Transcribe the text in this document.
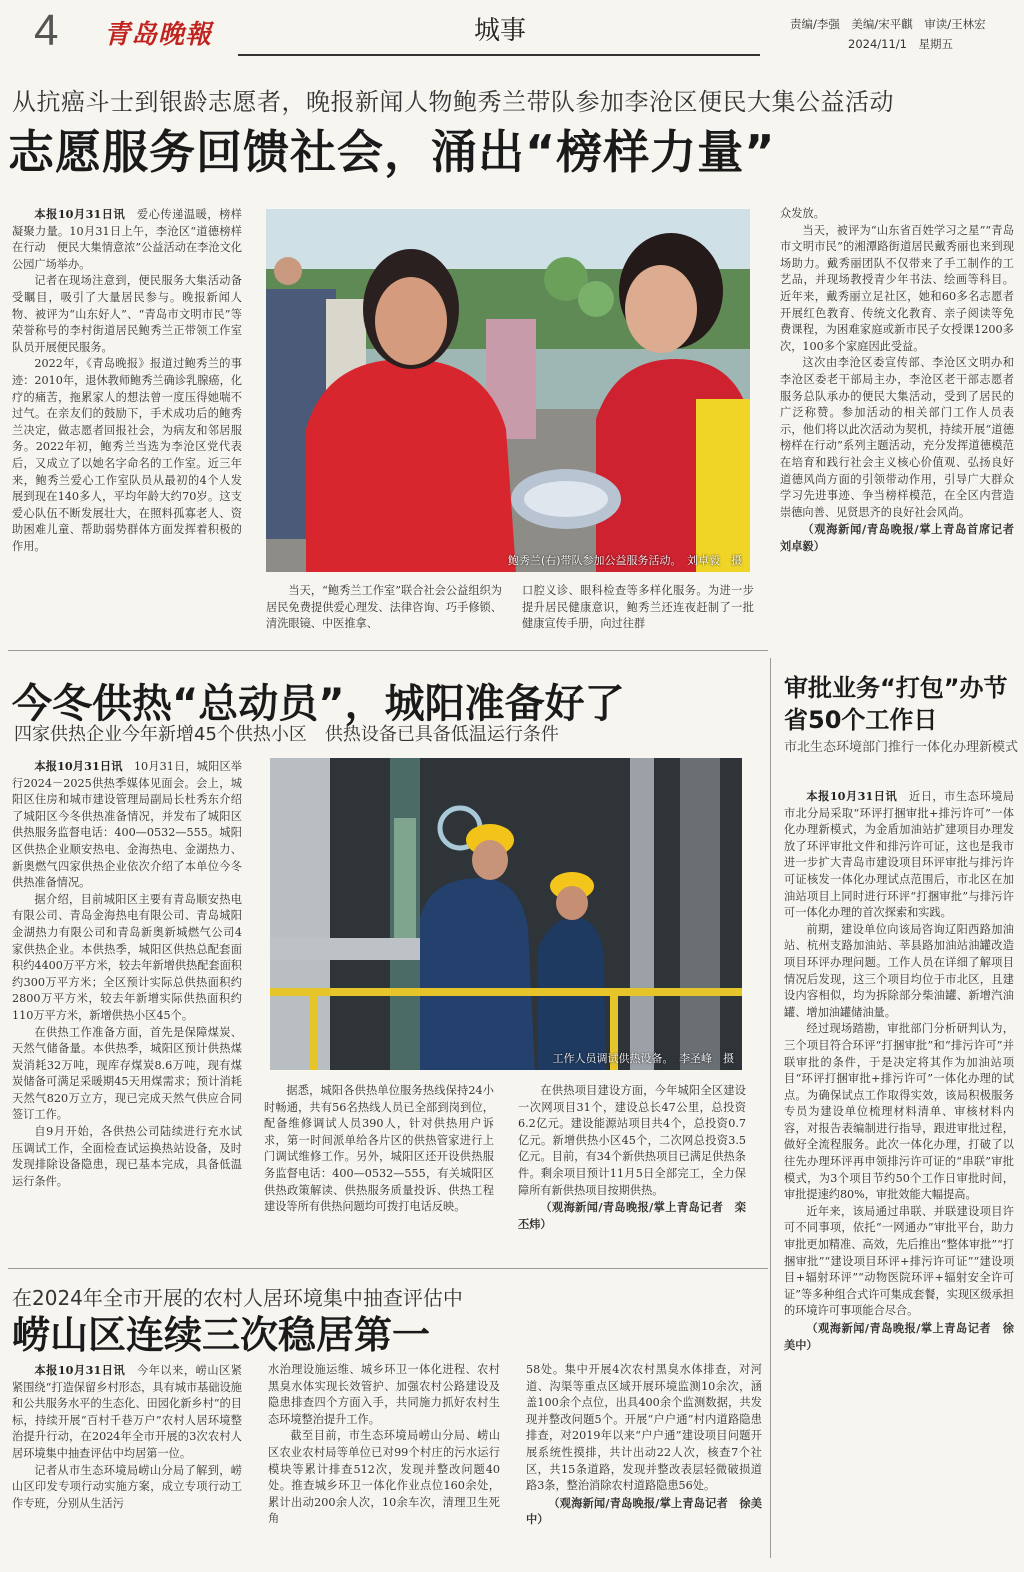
4 青岛晚報	城事	责编/李强　美编/宋平麒　审读/王林宏
2024/11/1　星期五
从抗癌斗士到银龄志愿者，晚报新闻人物鲍秀兰带队参加李沧区便民大集公益活动
志愿服务回馈社会，涌出“榜样力量”

本报10月31日讯　爱心传递温暖，榜样凝聚力量。10月31日上午，李沧区“道德榜样在行动　便民大集情意浓”公益活动在李沧文化公园广场举办。

记者在现场注意到，便民服务大集活动备受瞩目，吸引了大量居民参与。晚报新闻人物、被评为“山东好人”、“青岛市文明市民”等荣誉称号的李村街道居民鲍秀兰正带领工作室队员开展便民服务。

2022年，《青岛晚报》报道过鲍秀兰的事迹：2010年，退休教师鲍秀兰确诊乳腺癌，化疗的痛苦，拖累家人的想法曾一度压得她喘不过气。在亲友们的鼓励下，手术成功后的鲍秀兰决定，做志愿者回报社会，为病友和邻居服务。2022年初，鲍秀兰当选为李沧区党代表后，又成立了以她名字命名的工作室。近三年来，鲍秀兰爱心工作室队员从最初的4个人发展到现在140多人，平均年龄大约70岁。这支爱心队伍不断发展壮大，在照料孤寡老人、资助困难儿童、帮助弱势群体方面发挥着积极的作用。

鲍秀兰(右)带队参加公益服务活动。　刘卓毅　摄

当天，“鲍秀兰工作室”联合社会公益组织为居民免费提供爱心理发、法律咨询、巧手修锁、清洗眼镜、中医推拿、

口腔义诊、眼科检查等多样化服务。为进一步提升居民健康意识，鲍秀兰还连夜赶制了一批健康宣传手册，向过往群

众发放。

当天，被评为“山东省百姓学习之星”“青岛市文明市民”的湘潭路街道居民戴秀丽也来到现场助力。戴秀丽团队不仅带来了手工制作的工艺品，并现场教授青少年书法、绘画等科目。近年来，戴秀丽立足社区，她和60多名志愿者开展红色教育、传统文化教育、亲子阅读等免费课程，为困难家庭或新市民子女授课1200多次，100多个家庭因此受益。

这次由李沧区委宣传部、李沧区文明办和李沧区委老干部局主办，李沧区老干部志愿者服务总队承办的便民大集活动，受到了居民的广泛称赞。参加活动的相关部门工作人员表示，他们将以此次活动为契机，持续开展“道德榜样在行动”系列主题活动，充分发挥道德模范在培育和践行社会主义核心价值观、弘扬良好道德风尚方面的引领带动作用，引导广大群众学习先进事迹、争当榜样模范，在全区内营造崇德向善、见贤思齐的良好社会风尚。

（观海新闻/青岛晚报/掌上青岛首席记者　刘卓毅）

今冬供热“总动员”，城阳准备好了
四家供热企业今年新增45个供热小区　供热设备已具备低温运行条件

本报10月31日讯　10月31日，城阳区举行2024－2025供热季媒体见面会。会上，城阳区住房和城市建设管理局副局长杜秀东介绍了城阳区今冬供热准备情况，并发布了城阳区供热服务监督电话：400—0532—555。城阳区供热企业顺安热电、金海热电、金湖热力、新奥燃气四家供热企业依次介绍了本单位今冬供热准备情况。

据介绍，目前城阳区主要有青岛顺安热电有限公司、青岛金海热电有限公司、青岛城阳金湖热力有限公司和青岛新奥新城燃气公司4家供热企业。本供热季，城阳区供热总配套面积约4400万平方米，较去年新增供热配套面积约300万平方米；全区预计实际总供热面积约2800万平方米，较去年新增实际供热面积约110万平方米，新增供热小区45个。

在供热工作准备方面，首先是保障煤炭、天然气储备量。本供热季，城阳区预计供热煤炭消耗32万吨，现库存煤炭8.6万吨，现有煤炭储备可满足采暖期45天用煤需求；预计消耗天然气820万立方，现已完成天然气供应合同签订工作。

自9月开始，各供热公司陆续进行充水试压调试工作，全面检查试运换热站设备，及时发现排除设备隐患，现已基本完成，具备低温运行条件。

工作人员调试供热设备。　李圣峰　摄

据悉，城阳各供热单位服务热线保持24小时畅通，共有56名热线人员已全部到岗到位，配备维修调试人员390人，针对供热用户诉求，第一时间派单给各片区的供热管家进行上门调试维修工作。另外，城阳区还开设供热服务监督电话：400—0532—555，有关城阳区供热政策解读、供热服务质量投诉、供热工程建设等所有供热问题均可拨打电话反映。

在供热项目建设方面，今年城阳全区建设一次网项目31个，建设总长47公里，总投资6.2亿元。建设能源站项目共4个，总投资0.7亿元。新增供热小区45个，二次网总投资3.5亿元。目前，有34个新供热项目已满足供热条件。剩余项目预计11月5日全部完工，全力保障所有新供热项目按期供热。

（观海新闻/青岛晚报/掌上青岛记者　栾丕炜）

审批业务“打包”办节省50个工作日
市北生态环境部门推行一体化办理新模式

本报10月31日讯　近日，市生态环境局市北分局采取“环评打捆审批+排污许可”一体化办理新模式，为金盾加油站扩建项目办理发放了环评审批文件和排污许可证，这也是我市进一步扩大青岛市建设项目环评审批与排污许可证核发一体化办理试点范围后，市北区在加油站项目上同时进行环评“打捆审批”与排污许可一体化办理的首次探索和实践。

前期，建设单位向该局咨询辽阳西路加油站、杭州支路加油站、莘县路加油站油罐改造项目环评办理问题。工作人员在详细了解项目情况后发现，这三个项目均位于市北区，且建设内容相似，均为拆除部分柴油罐、新增汽油罐、增加油罐储油量。

经过现场踏勘，审批部门分析研判认为，三个项目符合环评“打捆审批”和“排污许可”并联审批的条件，于是决定将其作为加油站项目“环评打捆审批+排污许可”一体化办理的试点。为确保试点工作取得实效，该局积极服务专员为建设单位梳理材料清单、审核材料内容，对报告表编制进行指导，跟进审批过程，做好全流程服务。此次一体化办理，打破了以往先办理环评再申领排污许可证的“串联”审批模式，为3个项目节约50个工作日审批时间，审批提速约80%，审批效能大幅提高。

近年来，该局通过串联、并联建设项目许可不同事项，依托“一网通办”审批平台，助力审批更加精准、高效，先后推出“整体审批”“打捆审批”“建设项目环评+排污许可证”“建设项目+辐射环评”“动物医院环评+辐射安全许可证”等多种组合式许可集成套餐，实现区级承担的环境许可事项能合尽合。

（观海新闻/青岛晚报/掌上青岛记者　徐美中）

在2024年全市开展的农村人居环境集中抽查评估中
崂山区连续三次稳居第一

本报10月31日讯　今年以来，崂山区紧紧围绕“打造保留乡村形态，具有城市基础设施和公共服务水平的生态化、田园化新乡村”的目标，持续开展“百村千巷万户”农村人居环境整治提升行动，在2024年全市开展的3次农村人居环境集中抽查评估中均居第一位。

记者从市生态环境局崂山分局了解到，崂山区印发专项行动实施方案，成立专项行动工作专班，分别从生活污

水治理设施运维、城乡环卫一体化进程、农村黑臭水体实现长效管护、加强农村公路建设及隐患排查四个方面入手，共同施力抓好农村生态环境整治提升工作。

截至目前，市生态环境局崂山分局、崂山区农业农村局等单位已对99个村庄的污水运行模块等累计排查512次，发现并整改问题40处。推查城乡环卫一体化作业点位160余处，累计出动200余人次，10余车次，清理卫生死角

58处。集中开展4次农村黑臭水体排查，对河道、沟渠等重点区域开展环境监测10余次，涵盖100余个点位，出具400余个监测数据，共发现并整改问题5个。开展“户户通”村内道路隐患排查，对2019年以来“户户通”建设项目问题开展系统性摸排，共计出动22人次，核查7个社区，共15条道路，发现并整改表层轻微破损道路3条，整治消除农村道路隐患56处。

（观海新闻/青岛晚报/掌上青岛记者　徐美中）
